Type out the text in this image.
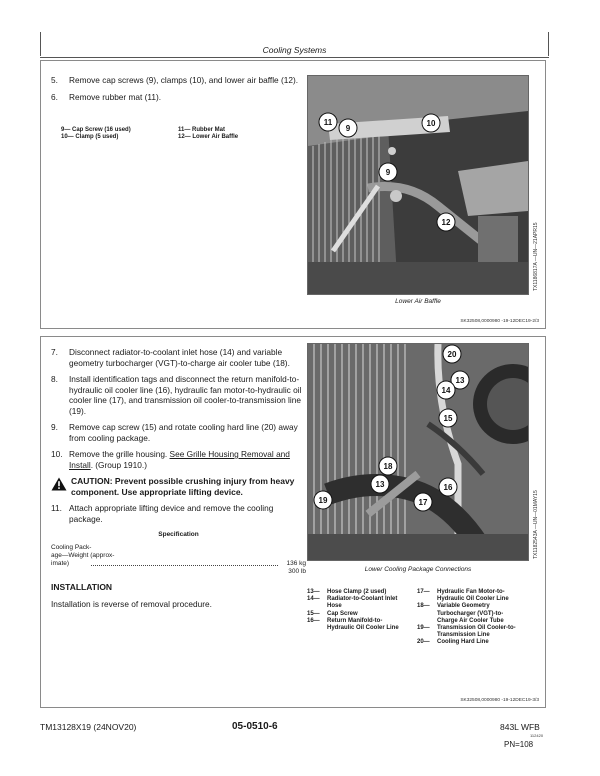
Cooling Systems
5. Remove cap screws (9), clamps (10), and lower air baffle (12).
6. Remove rubber mat (11).
9— Cap Screw (16 used)
10— Clamp (5 used)
11— Rubber Mat
12— Lower Air Baffle
11
9
10
9
12
Lower Air Baffle
TX1186817A —UN—21APR15
SK32508,0000980 -19-12DEC19-2/3
7. Disconnect radiator-to-coolant inlet hose (14) and variable geometry turbocharger (VGT)-to-charge air cooler tube (18).
8. Install identification tags and disconnect the return manifold-to-hydraulic oil cooler line (16), hydraulic fan motor-to-hydraulic oil cooler line (17), and transmission oil cooler-to-transmission line (19).
9. Remove cap screw (15) and rotate cooling hard line (20) away from cooling package.
10. Remove the grille housing. See Grille Housing Removal and Install. (Group 1910.)
CAUTION: Prevent possible crushing injury from heavy component. Use appropriate lifting device.
11. Attach appropriate lifting device and remove the cooling package.
Specification
Cooling Pack-
age—Weight (approx-
imate)	136 kg
300 lb
INSTALLATION
Installation is reverse of removal procedure.
20
13
14
15
18
13
19
16
17
Lower Cooling Package Connections
TX1182543A —UN—01MAY15
13— Hose Clamp (2 used)
14— Radiator-to-Coolant Inlet Hose
15— Cap Screw
16— Return Manifold-to-Hydraulic Oil Cooler Line
17— Hydraulic Fan Motor-to-Hydraulic Oil Cooler Line
18— Variable Geometry Turbocharger (VGT)-to-Charge Air Cooler Tube
19— Transmission Oil Cooler-to-Transmission Line
20— Cooling Hard Line
SK32508,0000980 -19-12DEC19-3/3
TM13128X19 (24NOV20)	05-0510-6	843L WFB
112420
PN=108
